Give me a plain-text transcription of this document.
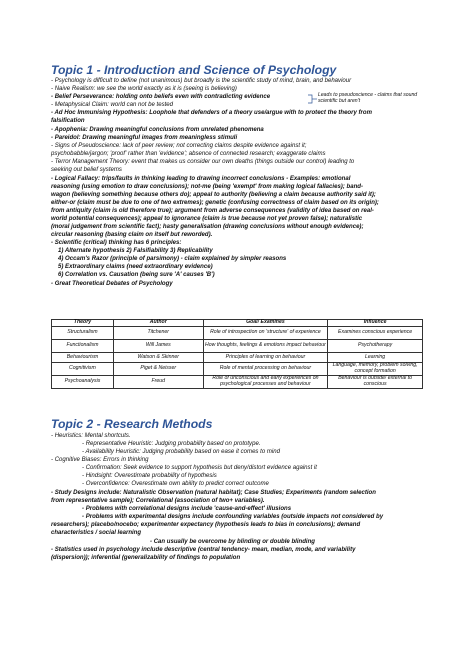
Topic 1 - Introduction and Science of Psychology
- Psychology is difficult to define (not unanimous) but broadly is the scientific study of mind, brain, and behaviour
- Naive Realism: we see the world exactly as it is (seeing is believing)
- Belief Perseverance: holding onto beliefs even with contradicting evidence
- Metaphysical Claim: world can not be tested
- Ad Hoc Immunising Hypothesis: Loophole that defenders of a theory use/argue with to protect the theory from
falsification
- Apophenia: Drawing meaningful conclusions from unrelated phenomena
- Pareidol: Drawing meaningful images from meaningless stimuli
- Signs of Pseudoscience: lack of peer review; not correcting claims despite evidence against it;
psychobabble/jargon; 'proof' rather than 'evidence'; absence of connected research; exaggerate claims
- Terror Management Theory: event that makes us consider our own deaths (things outside our control) leading to
seeking out belief systems
- Logical Fallacy: trips/faults in thinking leading to drawing incorrect conclusions - Examples: emotional
reasoning (using emotion to draw conclusions); not-me (being 'exempt' from making logical fallacies); band-
wagon (believing something because others do); appeal to authority (believing a claim because authority said it);
either-or (claim must be due to one of two extremes); genetic (confusing correctness of claim based on its origin);
from antiquity (claim is old therefore true); argument from adverse consequences (validity of idea based on real-
world potential consequences); appeal to ignorance (claim is true because not yet proven false); naturalistic
(moral judgement from scientific fact); hasty generalisation (drawing conclusions without enough evidence);
circular reasoning (basing claim on itself but reworded).
- Scientific (critical) thinking has 6 principles:
1) Alternate hypothesis 2) Falsifiability 3) Replicability
4) Occam's Razor (principle of parsimony) - claim explained by simpler reasons
5) Extraordinary claims (need extraordinary evidence)
6) Correlation vs. Causation (being sure 'A' causes 'B')
- Great Theoretical Debates of Psychology
Leads to pseudoscience - claims that sound scientific but aren't
Theory	Author	Goal/ Examines	Influence
Structuralism	Titchener	Role of introspection on 'structure' of experience	Examines conscious experience
Functionalism	Will James	How thoughts, feelings & emotions impact behaviour	Psychotherapy
Behaviourism	Watson & Skinner	Principles of learning on behaviour	Learning
Cognitivism	Piget & Neisser	Role of mental processing on behaviour	Language, memory, problem solving, concept formation
Psychoanalysis	Freud	Role of unconscious and early experiences on psychological processes and behaviour	Behaviour is outside/ external to conscious
Topic 2 - Research Methods
- Heuristics: Mental shortcuts.
- Representative Heuristic: Judging probability based on prototype.
- Availability Heuristic: Judging probability based on ease it comes to mind
- Cognitive Biases: Errors in thinking
- Confirmation: Seek evidence to support hypothesis but deny/distort evidence against it
- Hindsight: Overestimate probability of hypothesis
- Overconfidence: Overestimate own ability to predict correct outcome
- Study Designs include: Naturalistic Observation (natural habitat); Case Studies; Experiments (random selection
from representative sample); Correlational (association of two+ variables).
- Problems with correlational designs include 'cause-and-effect' illusions
- Problems with experimental designs include confounding variables (outside impacts not considered by
researchers); placebo/nocebo; experimenter expectancy (hypothesis leads to bias in conclusions); demand
characteristics / social learning
- Can usually be overcome by blinding or double blinding
- Statistics used in psychology include descriptive (central tendency- mean, median, mode, and variability
(dispersion)); inferential (generalizability of findings to population
